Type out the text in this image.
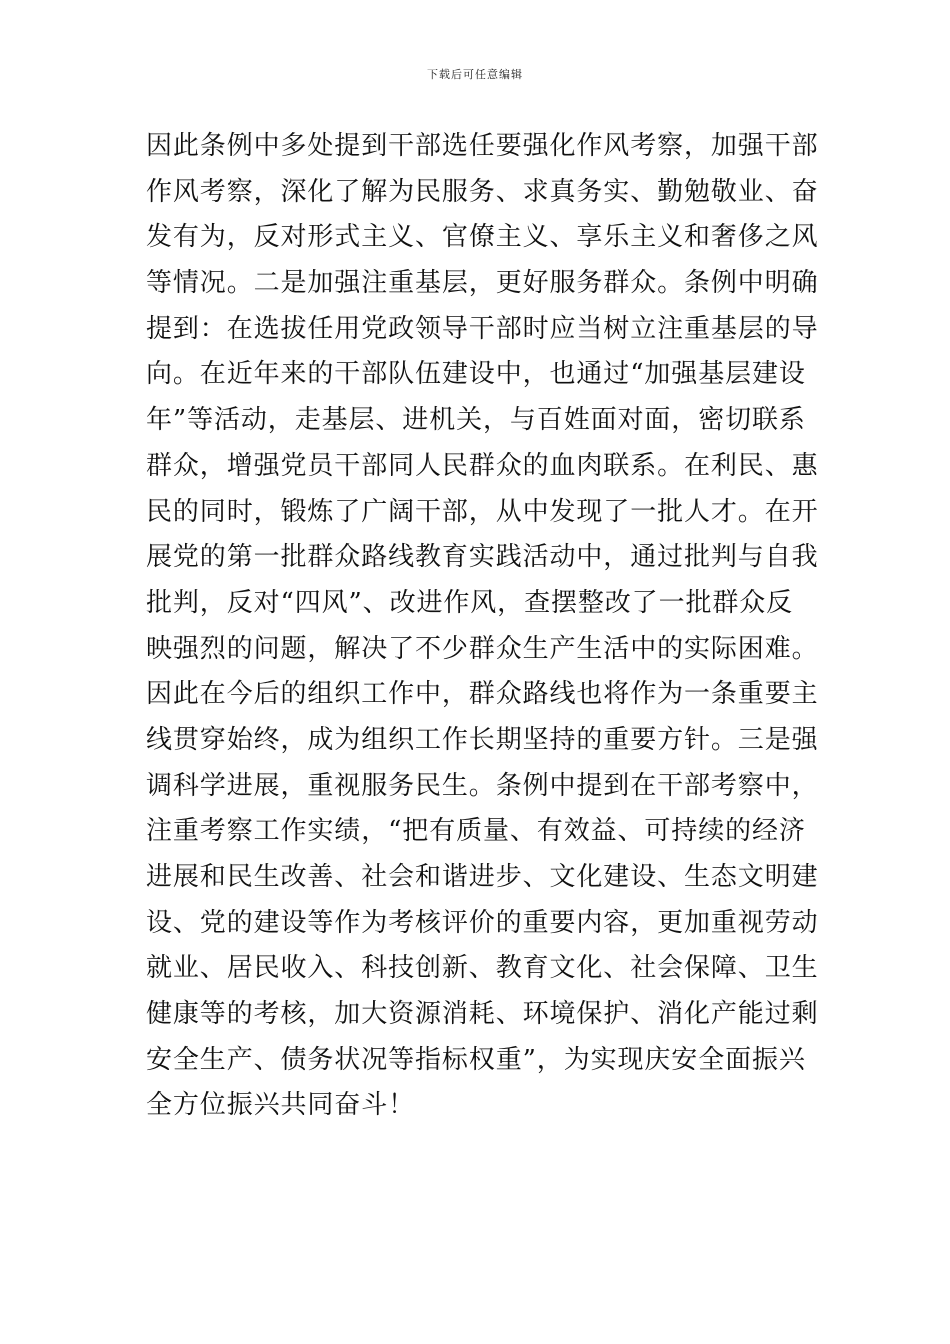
下载后可任意编辑
因此条例中多处提到干部选任要强化作风考察，加强干部
作风考察，深化了解为民服务、求真务实、勤勉敬业、奋
发有为，反对形式主义、官僚主义、享乐主义和奢侈之风
等情况。二是加强注重基层，更好服务群众。条例中明确
提到：在选拔任用党政领导干部时应当树立注重基层的导
向。在近年来的干部队伍建设中，也通过“加强基层建设
年”等活动，走基层、进机关，与百姓面对面，密切联系
群众，增强党员干部同人民群众的血肉联系。在利民、惠
民的同时，锻炼了广阔干部，从中发现了一批人才。在开
展党的第一批群众路线教育实践活动中，通过批判与自我
批判，反对“四风”、改进作风，查摆整改了一批群众反
映强烈的问题，解决了不少群众生产生活中的实际困难。
因此在今后的组织工作中，群众路线也将作为一条重要主
线贯穿始终，成为组织工作长期坚持的重要方针。三是强
调科学进展，重视服务民生。条例中提到在干部考察中，
注重考察工作实绩，“把有质量、有效益、可持续的经济
进展和民生改善、社会和谐进步、文化建设、生态文明建
设、党的建设等作为考核评价的重要内容，更加重视劳动
就业、居民收入、科技创新、教育文化、社会保障、卫生
健康等的考核，加大资源消耗、环境保护、消化产能过剩
安全生产、债务状况等指标权重”，为实现庆安全面振兴
全方位振兴共同奋斗！
